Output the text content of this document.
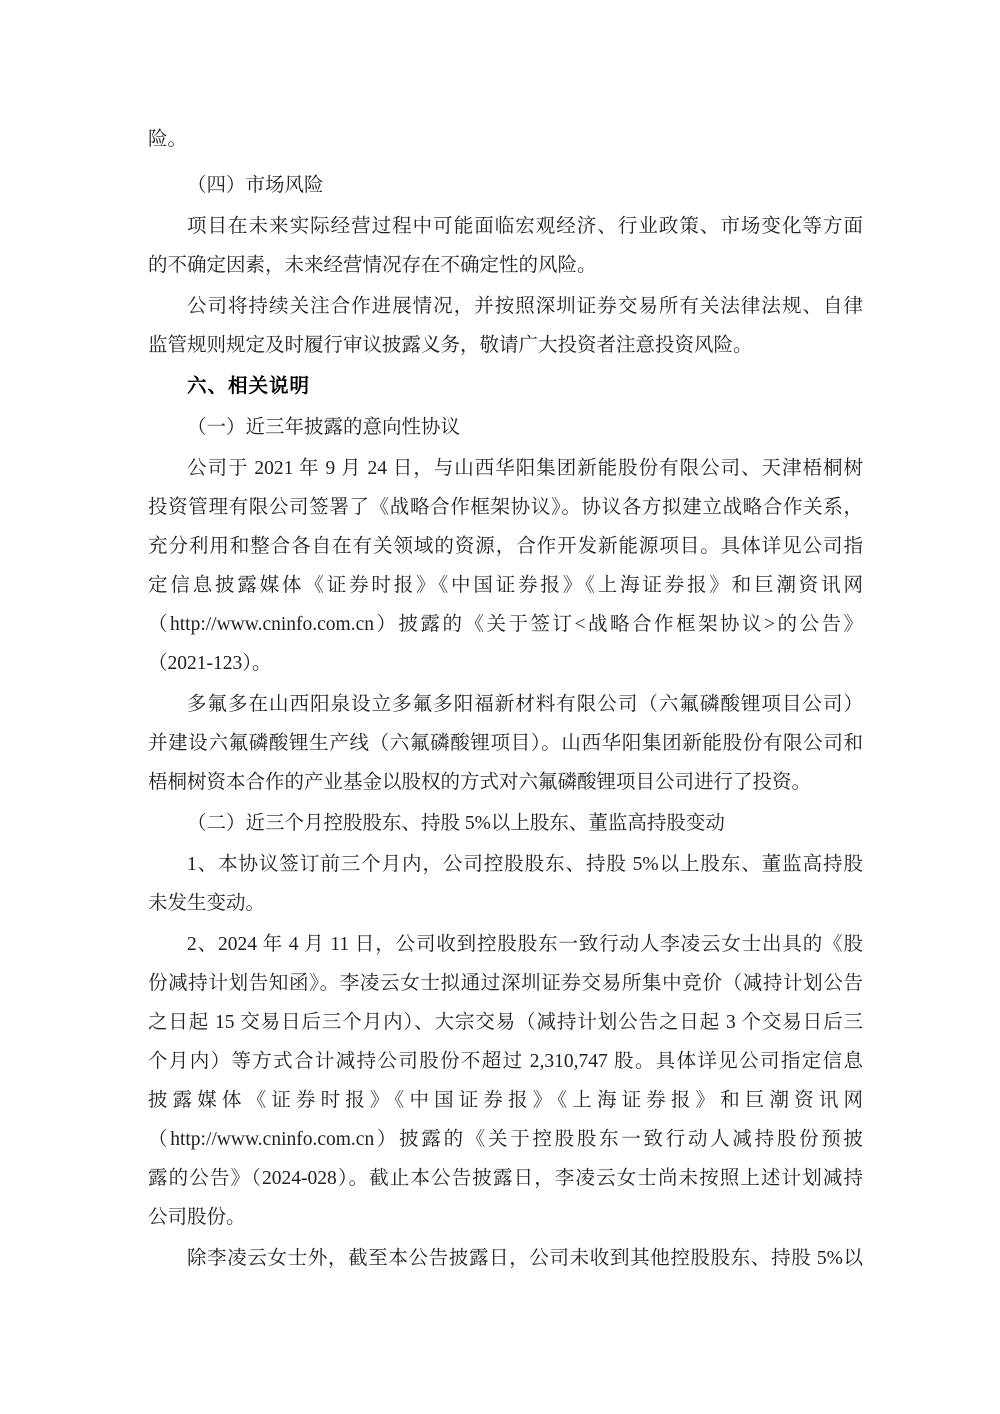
险。
（四）市场风险
项目在未来实际经营过程中可能面临宏观经济、行业政策、市场变化等方面
的不确定因素，未来经营情况存在不确定性的风险。
公司将持续关注合作进展情况，并按照深圳证券交易所有关法律法规、自律
监管规则规定及时履行审议披露义务，敬请广大投资者注意投资风险。
六、相关说明
（一）近三年披露的意向性协议
公司于 2021 年 9 月 24 日，与山西华阳集团新能股份有限公司、天津梧桐树
投资管理有限公司签署了《战略合作框架协议》。协议各方拟建立战略合作关系，
充分利用和整合各自在有关领域的资源，合作开发新能源项目。具体详见公司指
定信息披露媒体《证券时报》《中国证券报》《上海证券报》和巨潮资讯网
（http://www.cninfo.com.cn）披露的《关于签订<战略合作框架协议>的公告》
（2021-123）。
多氟多在山西阳泉设立多氟多阳福新材料有限公司（六氟磷酸锂项目公司）
并建设六氟磷酸锂生产线（六氟磷酸锂项目）。山西华阳集团新能股份有限公司和
梧桐树资本合作的产业基金以股权的方式对六氟磷酸锂项目公司进行了投资。
（二）近三个月控股股东、持股 5%以上股东、董监高持股变动
1、本协议签订前三个月内，公司控股股东、持股 5%以上股东、董监高持股
未发生变动。
2、2024 年 4 月 11 日，公司收到控股股东一致行动人李凌云女士出具的《股
份减持计划告知函》。李凌云女士拟通过深圳证券交易所集中竞价（减持计划公告
之日起 15 交易日后三个月内）、大宗交易（减持计划公告之日起 3 个交易日后三
个月内）等方式合计减持公司股份不超过 2,310,747 股。具体详见公司指定信息
披露媒体《证券时报》《中国证券报》《上海证券报》和巨潮资讯网
（http://www.cninfo.com.cn）披露的《关于控股股东一致行动人减持股份预披
露的公告》（2024-028）。截止本公告披露日，李凌云女士尚未按照上述计划减持
公司股份。
除李凌云女士外，截至本公告披露日，公司未收到其他控股股东、持股 5%以
